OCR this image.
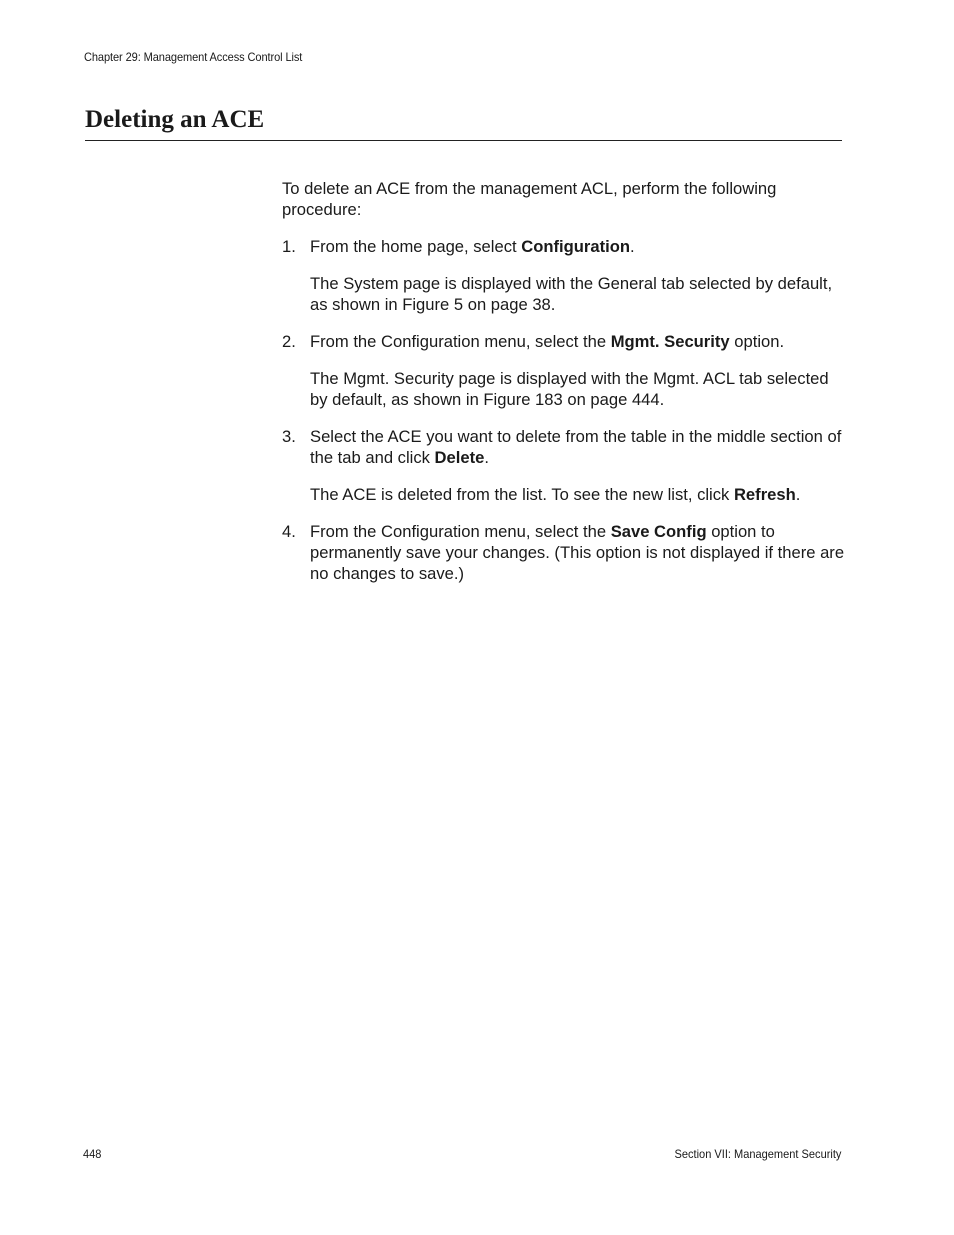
Chapter 29: Management Access Control List
Deleting an ACE

To delete an ACE from the management ACL, perform the following procedure:

1. From the home page, select Configuration.

The System page is displayed with the General tab selected by default, as shown in Figure 5 on page 38.

2. From the Configuration menu, select the Mgmt. Security option.

The Mgmt. Security page is displayed with the Mgmt. ACL tab selected by default, as shown in Figure 183 on page 444.

3. Select the ACE you want to delete from the table in the middle section of the tab and click Delete.

The ACE is deleted from the list. To see the new list, click Refresh.

4. From the Configuration menu, select the Save Config option to permanently save your changes. (This option is not displayed if there are no changes to save.)

448	Section VII: Management Security
